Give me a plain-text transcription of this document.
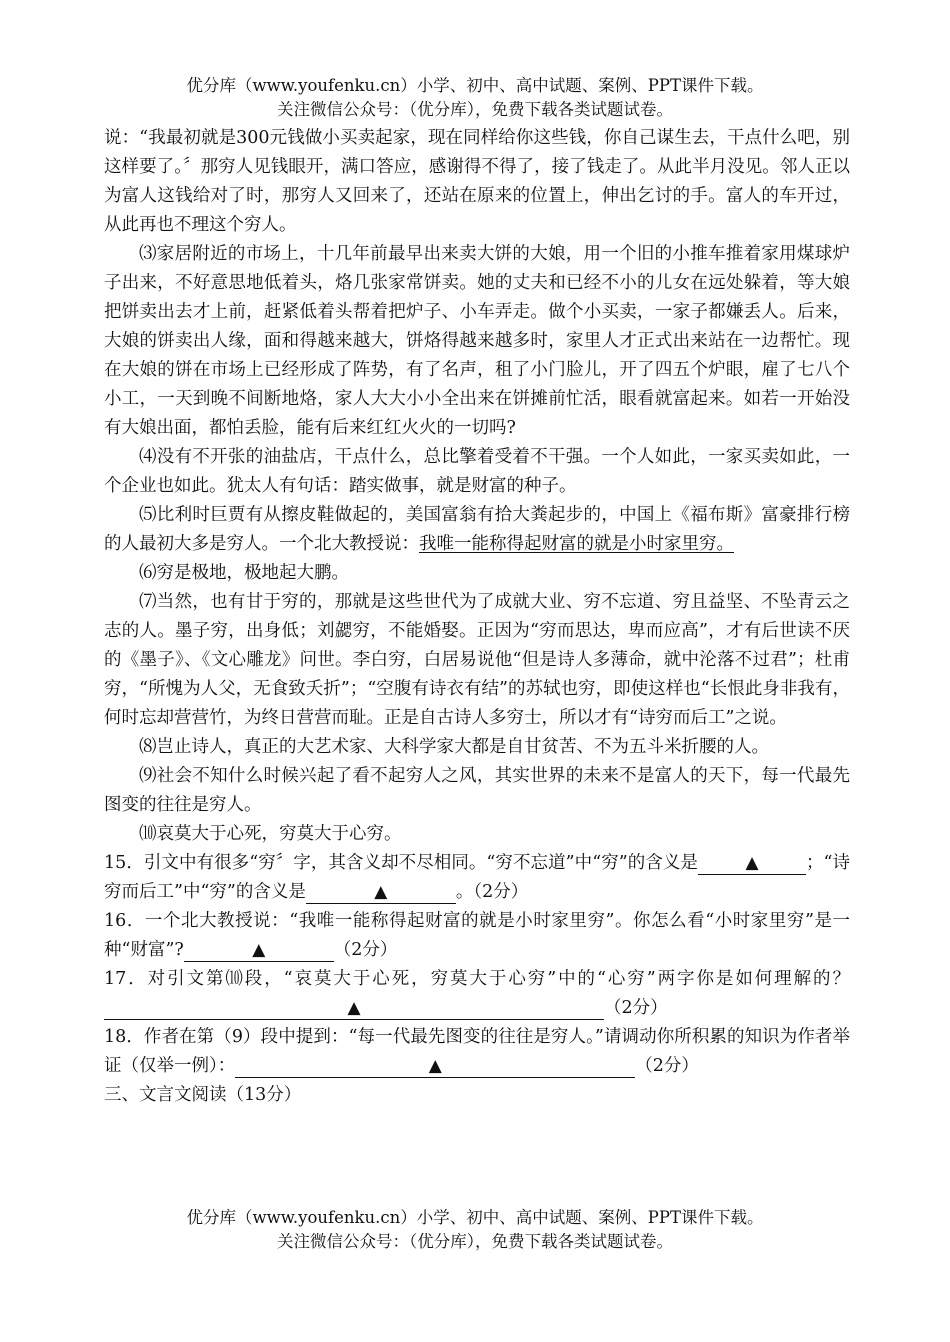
优分库（www.youfenku.cn）小学、初中、高中试题、案例、PPT课件下载。
关注微信公众号：（优分库），免费下载各类试题试卷。

说：“我最初就是300元钱做小买卖起家，现在同样给你这些钱，你自己谋生去，干点什么吧，别这样要了。〞那穷人见钱眼开，满口答应，感谢得不得了，接了钱走了。从此半月没见。邻人正以为富人这钱给对了时，那穷人又回来了，还站在原来的位置上，伸出乞讨的手。富人的车开过，从此再也不理这个穷人。

⑶家居附近的市场上，十几年前最早出来卖大饼的大娘，用一个旧的小推车推着家用煤球炉子出来，不好意思地低着头，烙几张家常饼卖。她的丈夫和已经不小的儿女在远处躲着，等大娘把饼卖出去才上前，赶紧低着头帮着把炉子、小车弄走。做个小买卖，一家子都嫌丢人。后来，大娘的饼卖出人缘，面和得越来越大，饼烙得越来越多时，家里人才正式出来站在一边帮忙。现在大娘的饼在市场上已经形成了阵势，有了名声，租了小门脸儿，开了四五个炉眼，雇了七八个小工，一天到晚不间断地烙，家人大大小小全出来在饼摊前忙活，眼看就富起来。如若一开始没有大娘出面，都怕丢脸，能有后来红红火火的一切吗?

⑷没有不开张的油盐店，干点什么，总比擎着受着不干强。一个人如此，一家买卖如此，一个企业也如此。犹太人有句话：踏实做事，就是财富的种子。

⑸比利时巨贾有从擦皮鞋做起的，美国富翁有拾大粪起步的，中国上《福布斯》富豪排行榜的人最初大多是穷人。一个北大教授说：我唯一能称得起财富的就是小时家里穷。

⑹穷是极地，极地起大鹏。

⑺当然，也有甘于穷的，那就是这些世代为了成就大业、穷不忘道、穷且益坚、不坠青云之志的人。墨子穷，出身低；刘勰穷，不能婚娶。正因为“穷而思达，卑而应高”，才有后世读不厌的《墨子》、《文心雕龙》问世。李白穷，白居易说他“但是诗人多薄命，就中沦落不过君”；杜甫穷，“所愧为人父，无食致夭折”；“空腹有诗衣有结”的苏轼也穷，即使这样也“长恨此身非我有，何时忘却营营竹，为终日营营而耻。正是自古诗人多穷士，所以才有“诗穷而后工”之说。

⑻岂止诗人，真正的大艺术家、大科学家大都是自甘贫苦、不为五斗米折腰的人。

⑼社会不知什么时候兴起了看不起穷人之风，其实世界的未来不是富人的天下，每一代最先图变的往往是穷人。

⑽哀莫大于心死，穷莫大于心穷。

15．引文中有很多“穷〞字，其含义却不尽相同。“穷不忘道”中“穷”的含义是	▲	；“诗穷而后工”中“穷”的含义是	▲	。（2分）

16．一个北大教授说：“我唯一能称得起财富的就是小时家里穷”。你怎么看“小时家里穷”是一种“财富”?	▲	（2分）

17．对引文第⑽段，“哀莫大于心死，穷莫大于心穷”中的“心穷”两字你是如何理解的？▲	（2分）

18．作者在第（9）段中提到：“每一代最先图变的往往是穷人。”请调动你所积累的知识为作者举证（仅举一例）：	▲	（2分）

三、文言文阅读（13分）

优分库（www.youfenku.cn）小学、初中、高中试题、案例、PPT课件下载。
关注微信公众号：（优分库），免费下载各类试题试卷。
